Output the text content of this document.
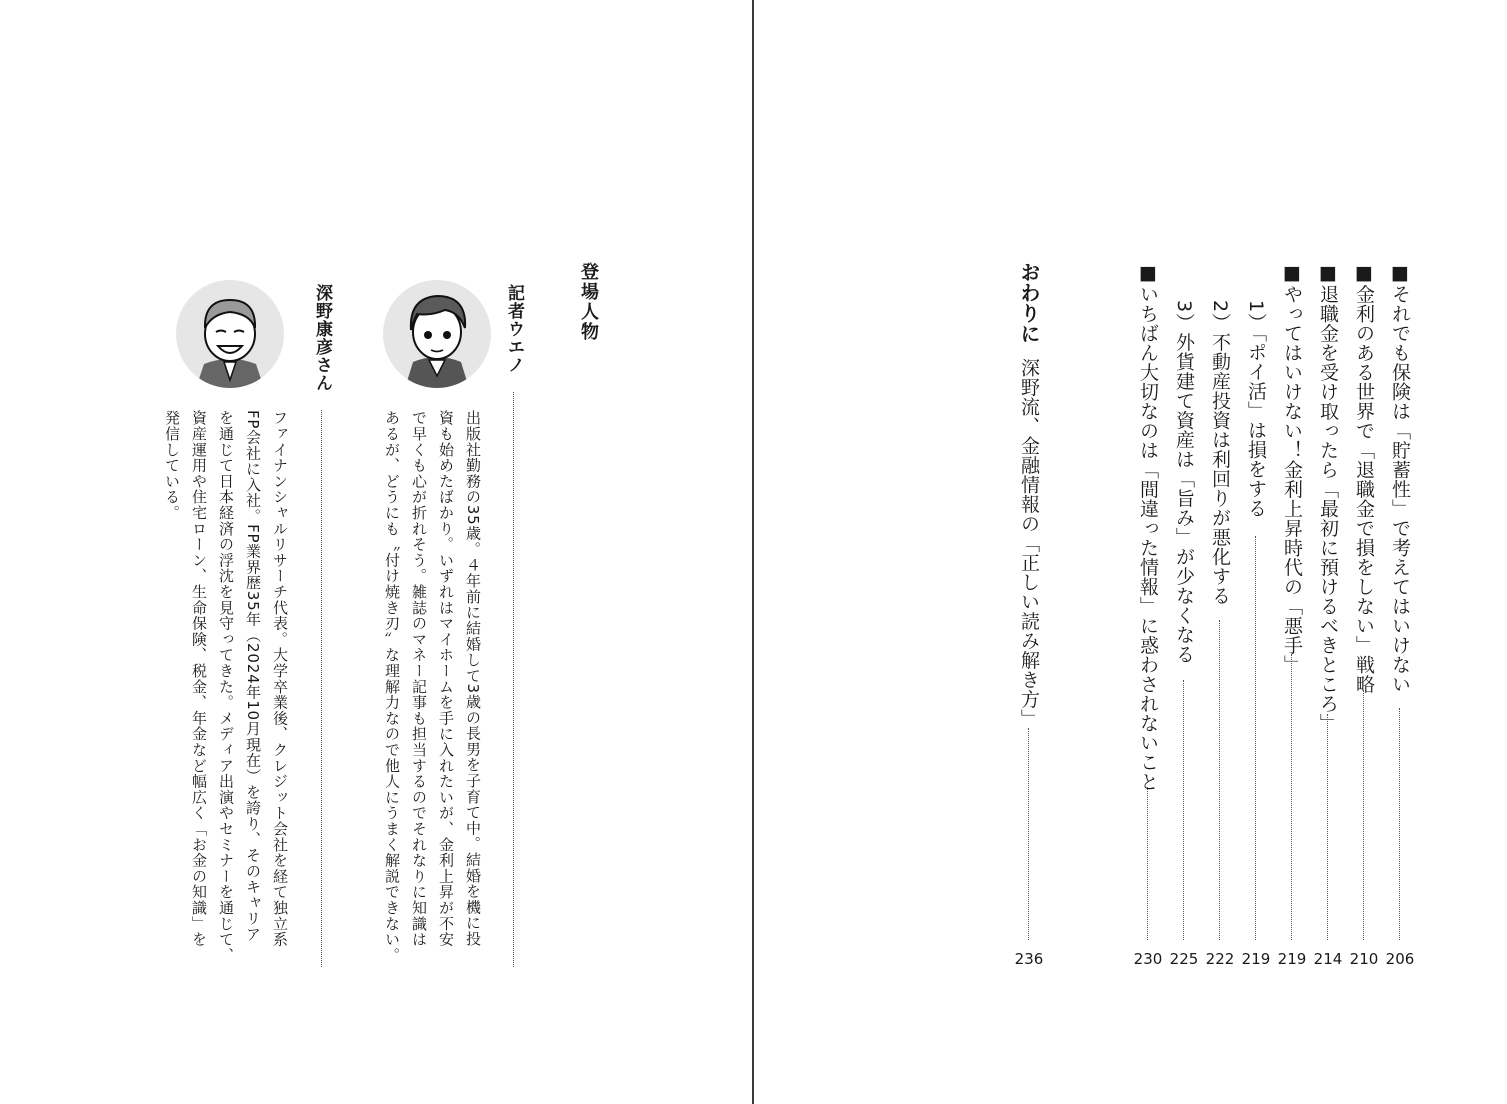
■それでも保険は「貯蓄性」で考えてはいけない
206
■金利のある世界で「退職金で損をしない」戦略
210
■退職金を受け取ったら「最初に預けるべきところ」
214
■やってはいけない！金利上昇時代の「悪手」
219
1）「ポイ活」は損をする
219
2）不動産投資は利回りが悪化する
222
3）外貨建て資産は「旨み」が少なくなる
225
■いちばん大切なのは「間違った情報」に惑わされないこと
230
おわりに深野流、金融情報の「正しい読み解き方」
236
登場人物
記者ウエノ
出版社勤務の35歳。４年前に結婚して3歳の長男を子育て中。結婚を機に投
資も始めたばかり。いずれはマイホームを手に入れたいが、金利上昇が不安
で早くも心が折れそう。雑誌のマネー記事も担当するのでそれなりに知識は
あるが、どうにも〝付け焼き刃〟な理解力なので他人にうまく解説できない。
深野康彦さん
ファイナンシャルリサーチ代表。大学卒業後、クレジット会社を経て独立系
FP会社に入社。FP業界歴35年（2024年10月現在）を誇り、そのキャリア
を通じて日本経済の浮沈を見守ってきた。メディア出演やセミナーを通じて、
資産運用や住宅ローン、生命保険、税金、年金など幅広く「お金の知識」を
発信している。
